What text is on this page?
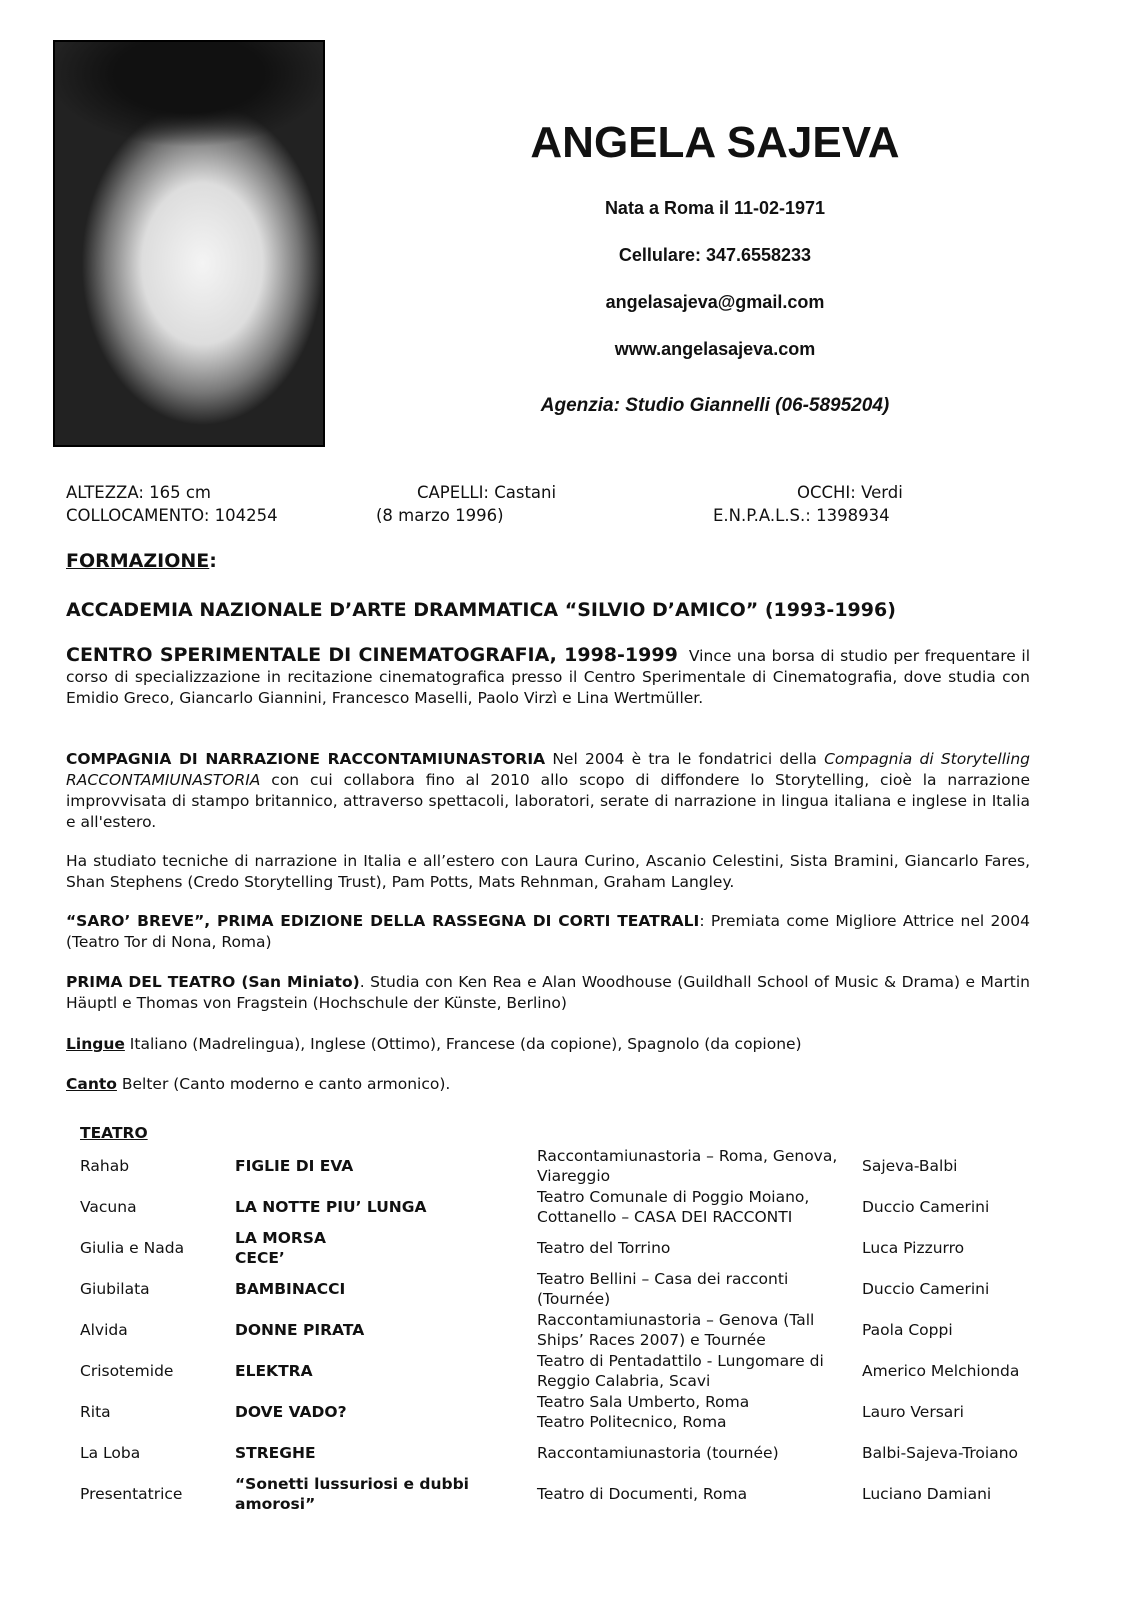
ANGELA SAJEVA
Nata a Roma il 11-02-1971
Cellulare: 347.6558233
angelasajeva@gmail.com
www.angelasajeva.com
Agenzia: Studio Giannelli (06-5895204)
ALTEZZA: 165 cm	CAPELLI: Castani	OCCHI: Verdi
COLLOCAMENTO: 104254	(8 marzo 1996)	E.N.P.A.L.S.: 1398934
FORMAZIONE:
ACCADEMIA NAZIONALE D’ARTE DRAMMATICA “SILVIO D’AMICO” (1993-1996)
CENTRO SPERIMENTALE DI CINEMATOGRAFIA, 1998-1999 Vince una borsa di studio per frequentare il corso di specializzazione in recitazione cinematografica presso il Centro Sperimentale di Cinematografia, dove studia con Emidio Greco, Giancarlo Giannini, Francesco Maselli, Paolo Virzì e Lina Wertmüller.
COMPAGNIA DI NARRAZIONE RACCONTAMIUNASTORIA Nel 2004 è tra le fondatrici della Compagnia di Storytelling RACCONTAMIUNASTORIA con cui collabora fino al 2010 allo scopo di diffondere lo Storytelling, cioè la narrazione improvvisata di stampo britannico, attraverso spettacoli, laboratori, serate di narrazione in lingua italiana e inglese in Italia e all'estero.
Ha studiato tecniche di narrazione in Italia e all’estero con Laura Curino, Ascanio Celestini, Sista Bramini, Giancarlo Fares, Shan Stephens (Credo Storytelling Trust), Pam Potts, Mats Rehnman, Graham Langley.
“SARO’ BREVE”, PRIMA EDIZIONE DELLA RASSEGNA DI CORTI TEATRALI: Premiata come Migliore Attrice nel 2004 (Teatro Tor di Nona, Roma)
PRIMA DEL TEATRO (San Miniato). Studia con Ken Rea e Alan Woodhouse (Guildhall School of Music & Drama) e Martin Häuptl e Thomas von Fragstein (Hochschule der Künste, Berlino)
Lingue Italiano (Madrelingua), Inglese (Ottimo), Francese (da copione), Spagnolo (da copione)
Canto Belter (Canto moderno e canto armonico).
TEATRO
Rahab	FIGLIE DI EVA	Raccontamiunastoria – Roma, Genova, Viareggio	Sajeva-Balbi
Vacuna	LA NOTTE PIU’ LUNGA	Teatro Comunale di Poggio Moiano, Cottanello – CASA DEI RACCONTI	Duccio Camerini
Giulia e Nada	LA MORSA
CECE’	Teatro del Torrino	Luca Pizzurro
Giubilata	BAMBINACCI	Teatro Bellini – Casa dei racconti (Tournée)	Duccio Camerini
Alvida	DONNE PIRATA	Raccontamiunastoria – Genova (Tall Ships’ Races 2007) e Tournée	Paola Coppi
Crisotemide	ELEKTRA	Teatro di Pentadattilo - Lungomare di Reggio Calabria, Scavi	Americo Melchionda
Rita	DOVE VADO?	Teatro Sala Umberto, Roma
Teatro Politecnico, Roma	Lauro Versari
La Loba	STREGHE	Raccontamiunastoria (tournée)	Balbi-Sajeva-Troiano
Presentatrice	“Sonetti lussuriosi e dubbi amorosi”	Teatro di Documenti, Roma	Luciano Damiani
